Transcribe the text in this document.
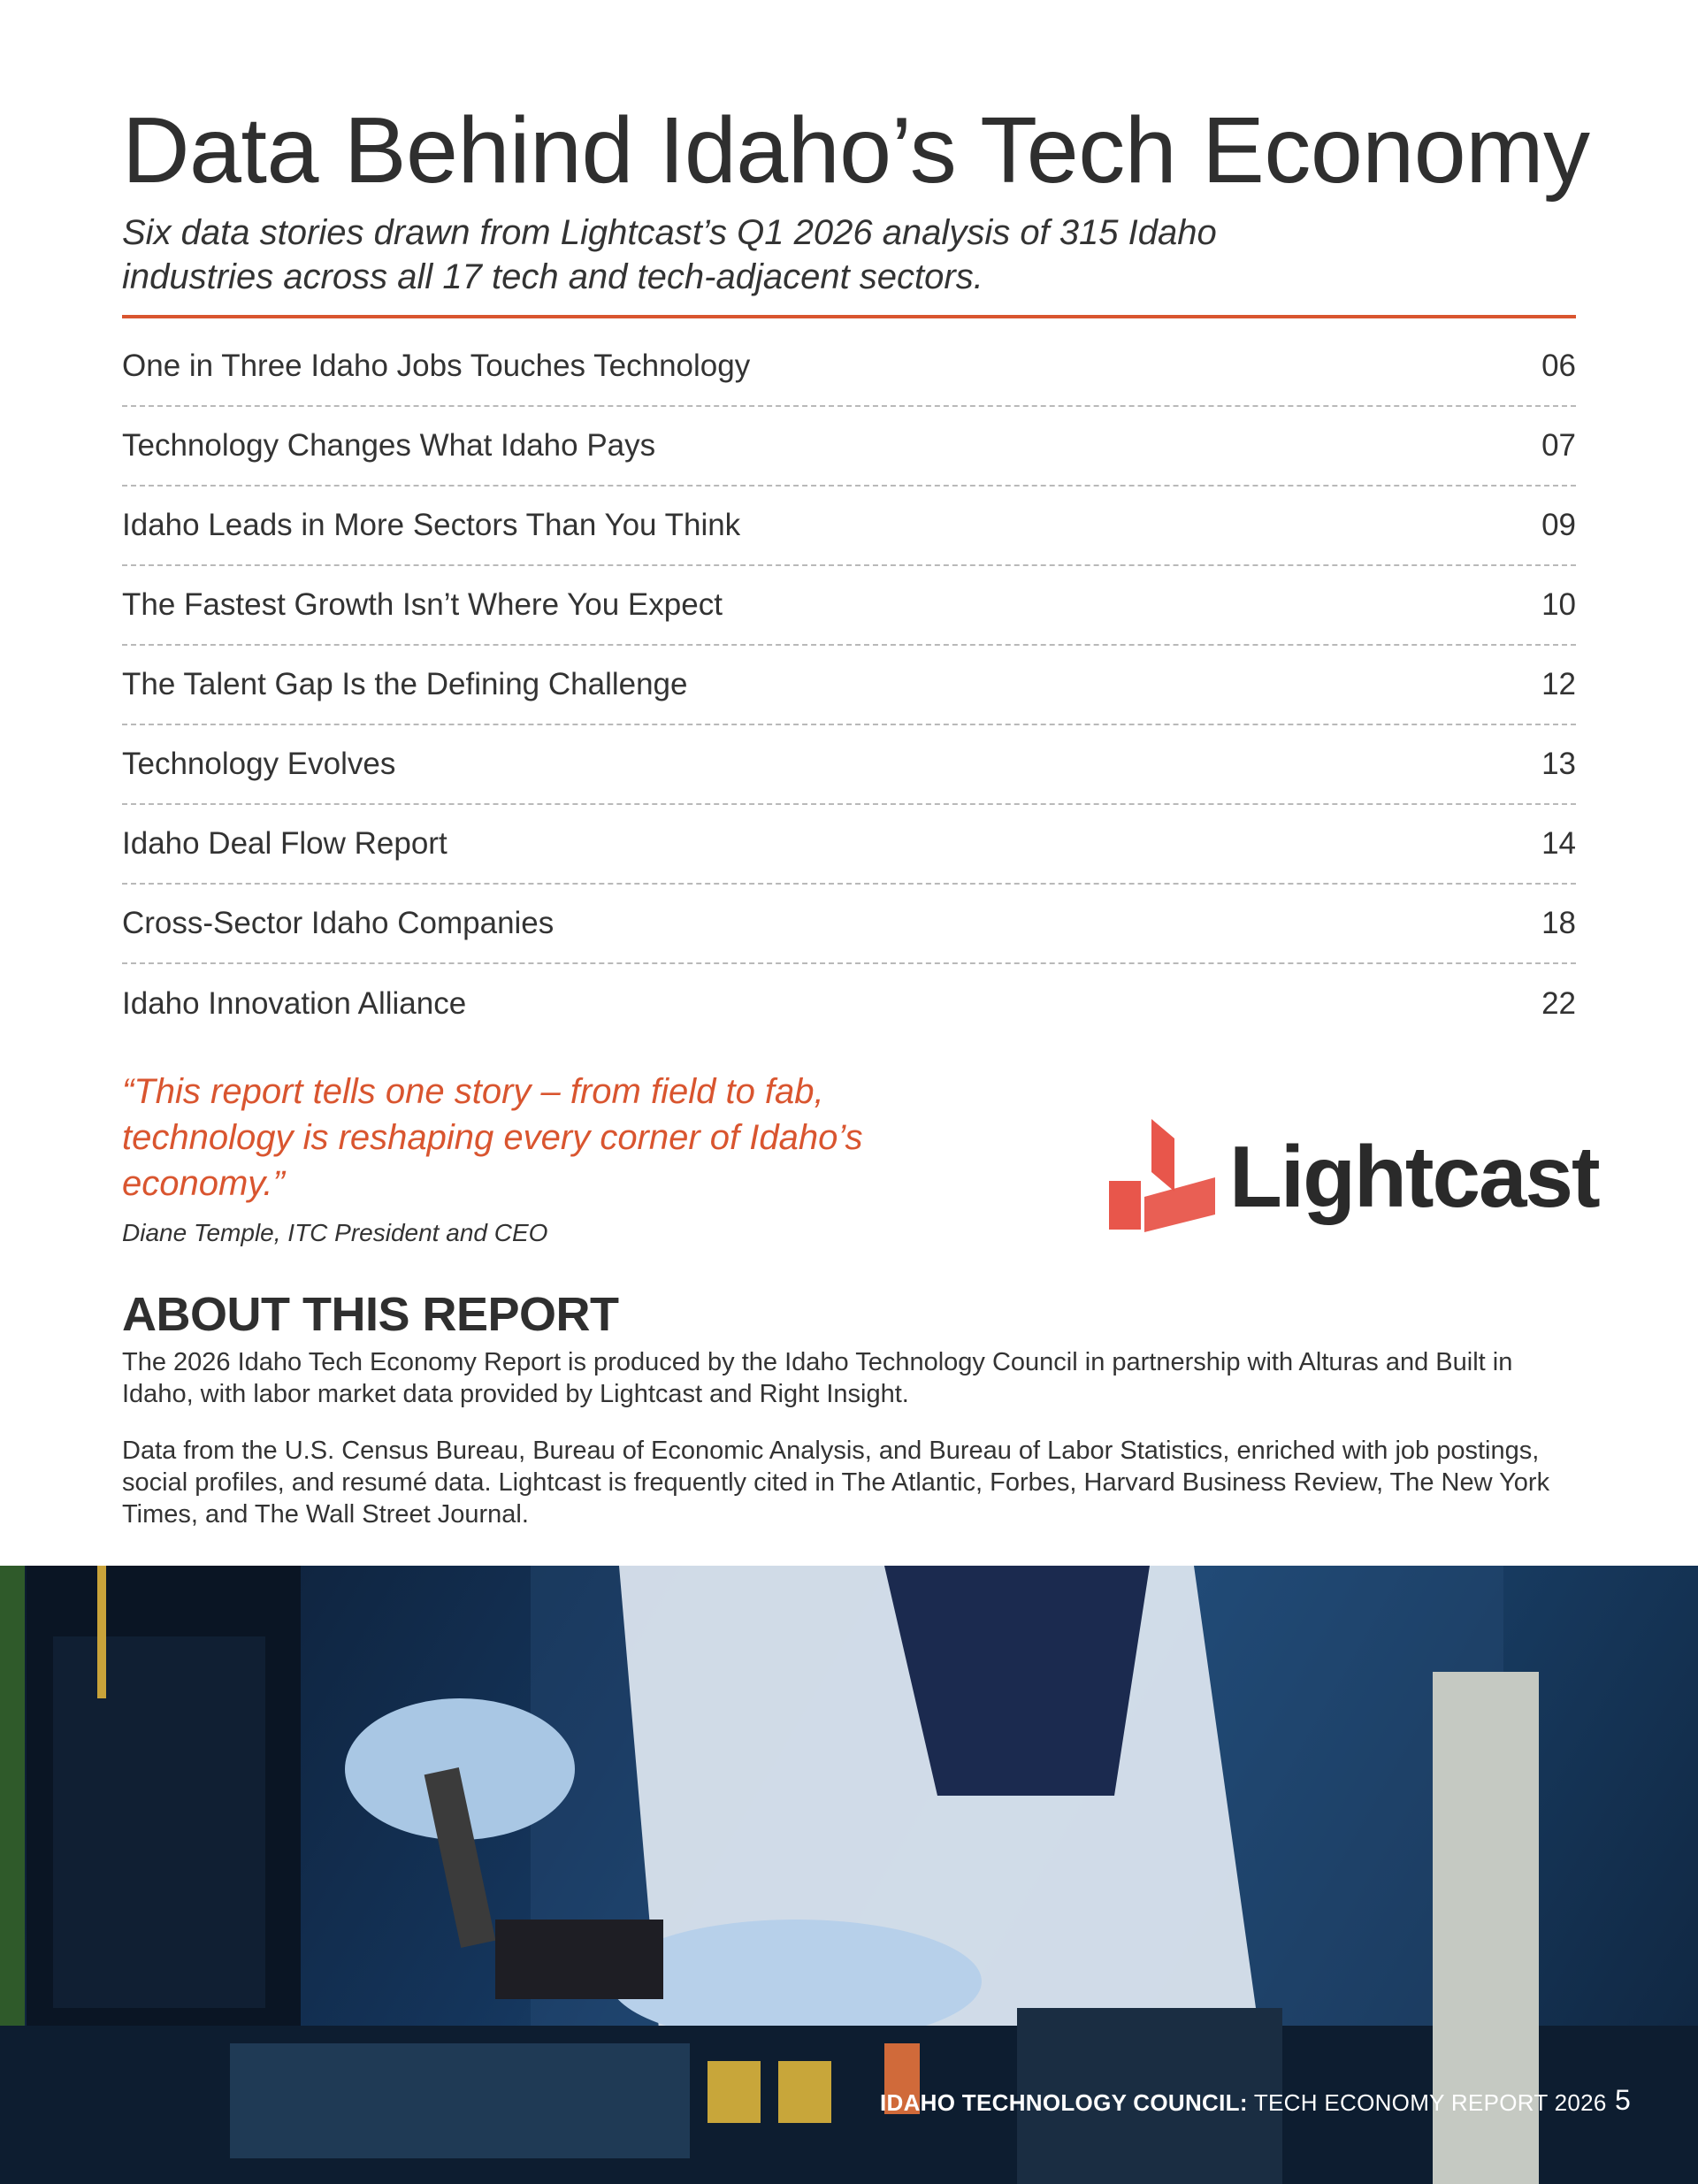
Data Behind Idaho’s Tech Economy

Six data stories drawn from Lightcast’s Q1 2026 analysis of 315 Idaho industries across all 17 tech and tech-adjacent sectors.

One in Three Idaho Jobs Touches Technology	06
Technology Changes What Idaho Pays	07
Idaho Leads in More Sectors Than You Think	09
The Fastest Growth Isn’t Where You Expect	10
The Talent Gap Is the Defining Challenge	12
Technology Evolves	13
Idaho Deal Flow Report	14
Cross-Sector Idaho Companies	18
Idaho Innovation Alliance	22

“This report tells one story – from field to fab, technology is reshaping every corner of Idaho’s economy.”

Diane Temple, ITC President and CEO

Lightcast
ABOUT THIS REPORT

The 2026 Idaho Tech Economy Report is produced by the Idaho Technology Council in partnership with Alturas and Built in Idaho, with labor market data provided by Lightcast and Right Insight.

Data from the U.S. Census Bureau, Bureau of Economic Analysis, and Bureau of Labor Statistics, enriched with job postings, social profiles, and resumé data. Lightcast is frequently cited in The Atlantic, Forbes, Harvard Business Review, The New York Times, and The Wall Street Journal.

IDAHO TECHNOLOGY COUNCIL: TECH ECONOMY REPORT 2026 5
